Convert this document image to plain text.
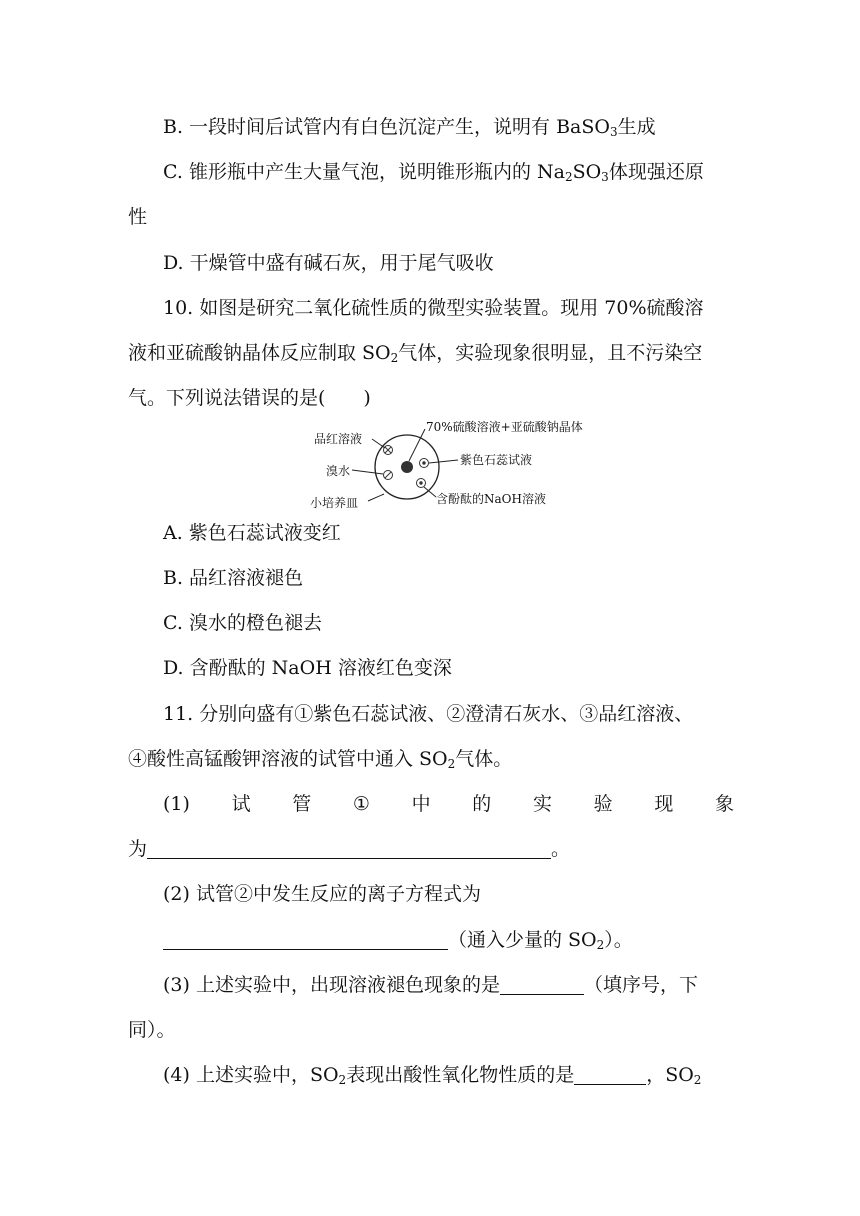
B. 一段时间后试管内有白色沉淀产生，说明有 BaSO$_3$生成
C. 锥形瓶中产生大量气泡，说明锥形瓶内的 $Na_2SO_3$体现强还原
性
D. 干燥管中盛有碱石灰，用于尾气吸收
10. 如图是研究二氧化硫性质的微型实验装置。现用 70%硫酸溶
液和亚硫酸钠晶体反应制取 $SO_2$气体，实验现象很明显，且不污染空
气。下列说法错误的是(　　)
品红溶液
溴水
小培养皿
70%硫酸溶液+亚硫酸钠晶体
紫色石蕊试液
含酚酞的NaOH溶液
A. 紫色石蕊试液变红
B. 品红溶液褪色
C. 溴水的橙色褪去
D. 含酚酞的 NaOH 溶液红色变深
11. 分别向盛有①紫色石蕊试液、②澄清石灰水、③品红溶液、
④酸性高锰酸钾溶液的试管中通入 $SO_2$气体。
(1) 试 管 ① 中 的 实 验 现 象
为	。
(2) 试管②中发生反应的离子方程式为
（通入少量的 $SO_2$）。
(3) 上述实验中，出现溶液褪色现象的是	（填序号，下
同）。
(4) 上述实验中，$SO_2$表现出酸性氧化物性质的是	，$SO_2$
